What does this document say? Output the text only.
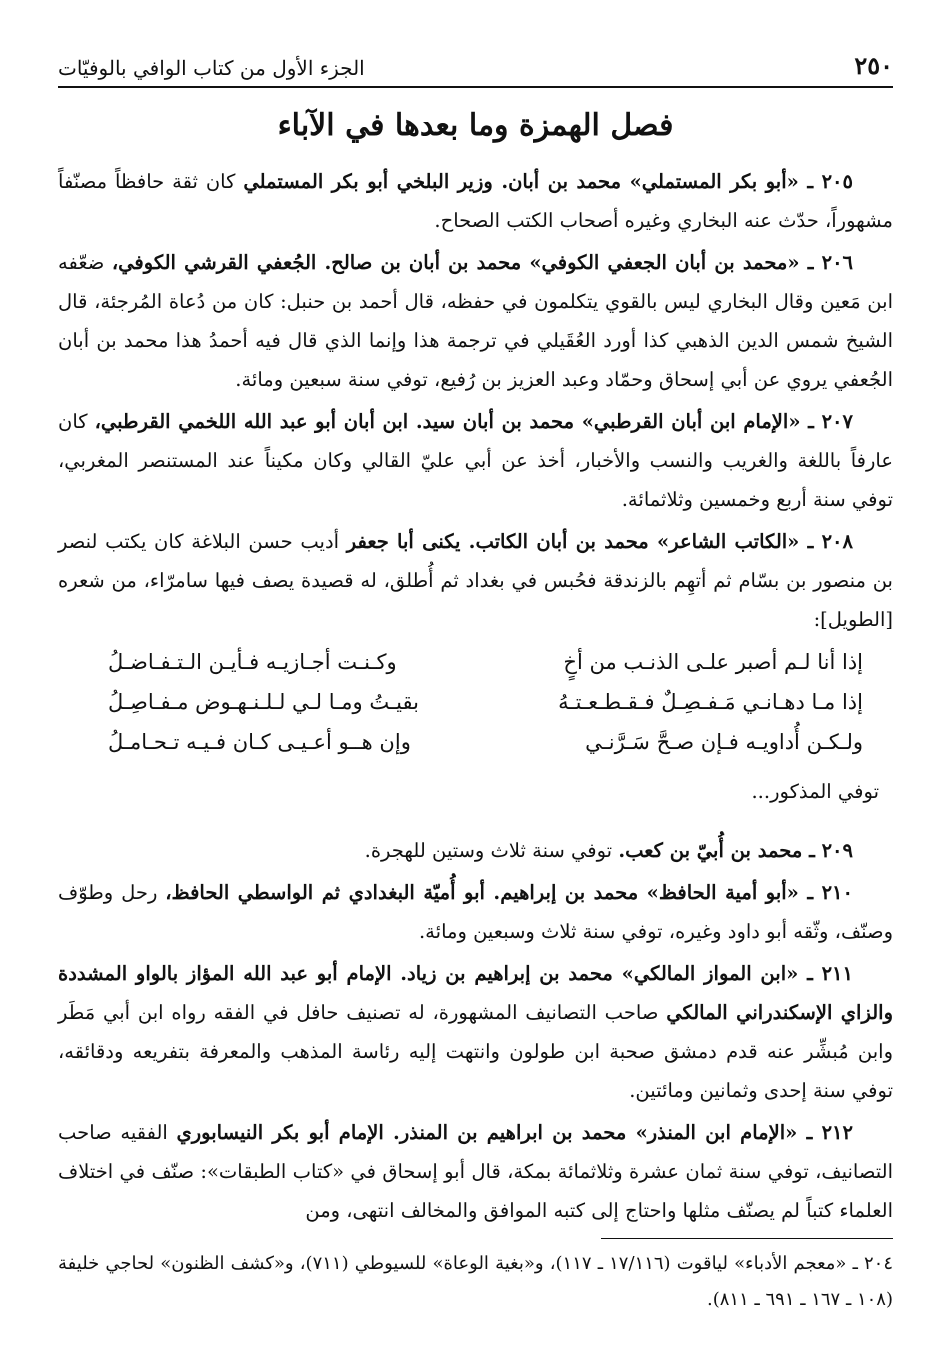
٢٥٠
الجزء الأول من كتاب الوافي بالوفيّات
فصل الهمزة وما بعدها في الآباء

٢٠٥ ـ «أبو بكر المستملي» محمد بن أبان. وزير البلخي أبو بكر المستملي كان ثقة حافظاً مصنّفاً مشهوراً، حدّث عنه البخاري وغيره أصحاب الكتب الصحاح.

٢٠٦ ـ «محمد بن أبان الجعفي الكوفي» محمد بن أبان بن صالح. الجُعفي القرشي الكوفي، ضعّفه ابن مَعين وقال البخاري ليس بالقوي يتكلمون في حفظه، قال أحمد بن حنبل: كان من دُعاة المُرجئة، قال الشيخ شمس الدين الذهبي كذا أورد العُقَيلي في ترجمة هذا وإنما الذي قال فيه أحمدُ هذا محمد بن أبان الجُعفي يروي عن أبي إسحاق وحمّاد وعبد العزيز بن رُفيع، توفي سنة سبعين ومائة.

٢٠٧ ـ «الإمام ابن أبان القرطبي» محمد بن أبان سيد. ابن أبان أبو عبد الله اللخمي القرطبي، كان عارفاً باللغة والغريب والنسب والأخبار، أخذ عن أبي عليّ القالي وكان مكيناً عند المستنصر المغربي، توفي سنة أربع وخمسين وثلاثمائة.

٢٠٨ ـ «الكاتب الشاعر» محمد بن أبان الكاتب. يكنى أبا جعفر أديب حسن البلاغة كان يكتب لنصر بن منصور بن بسّام ثم أتهِم بالزندقة فحُبس في بغداد ثم أُطلق، له قصيدة يصف فيها سامرّاء، من شعره [الطويل]:

إذا أنا لـم أصبر علـى الذنـب من أخٍ
وكـنـت أجـازيـه فـأيـن الـتـفـاضـلُ
إذا مـا دهـانـي مَـفـصِـلٌ فـقـطـعـتـهُ
بقيـتُ ومـا لـي لـلـنـهـوض مـفـاصِـلُ
ولـكـن أُداويـه فـإن صـحَّ سَـرَّنـي
وإن هــو أعـيـى كـان فـيـه تـحـامـلُ

توفي المذكور...

٢٠٩ ـ محمد بن أُبيّ بن كعب. توفي سنة ثلاث وستين للهجرة.

٢١٠ ـ «أبو أمية الحافظ» محمد بن إبراهيم. أبو أُميّة البغدادي ثم الواسطي الحافظ، رحل وطوّف وصنّف، وثّقه أبو داود وغيره، توفي سنة ثلاث وسبعين ومائة.

٢١١ ـ «ابن المواز المالكي» محمد بن إبراهيم بن زياد. الإمام أبو عبد الله المؤاز بالواو المشددة والزاي الإسكندراني المالكي صاحب التصانيف المشهورة، له تصنيف حافل في الفقه رواه ابن أبي مَطَر وابن مُبشِّر عنه قدم دمشق صحبة ابن طولون وانتهت إليه رئاسة المذهب والمعرفة بتفريعه ودقائقه، توفي سنة إحدى وثمانين ومائتين.

٢١٢ ـ «الإمام ابن المنذر» محمد بن ابراهيم بن المنذر. الإمام أبو بكر النيسابوري الفقيه صاحب التصانيف، توفي سنة ثمان عشرة وثلاثمائة بمكة، قال أبو إسحاق في «كتاب الطبقات»: صنّف في اختلاف العلماء كتباً لم يصنّف مثلها واحتاج إلى كتبه الموافق والمخالف انتهى، ومن

٢٠٤ ـ «معجم الأدباء» لياقوت (١٧/١١٦ ـ ١١٧)، و«بغية الوعاة» للسيوطي (٧١١)، و«كشف الظنون» لحاجي خليفة (١٠٨ ـ ١٦٧ ـ ٦٩١ ـ ٨١١).
